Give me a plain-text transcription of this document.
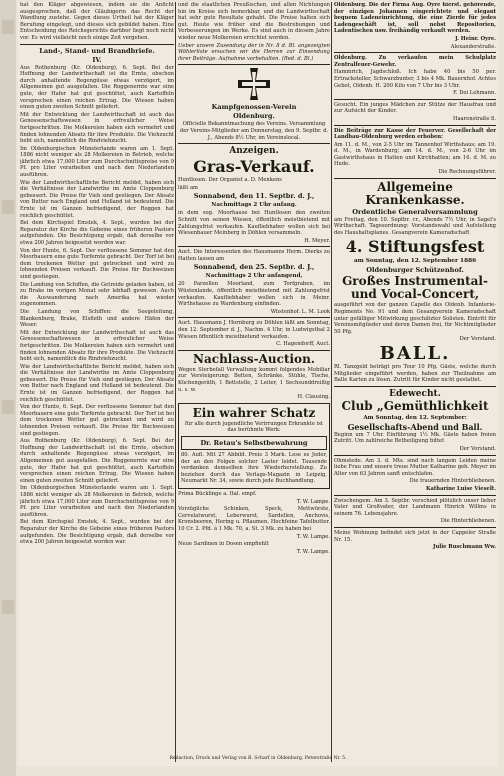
hat den Kläger abgewiesen, indem sie die Anficht ausgesprochen, daß der Gläubigerin das Recht der Wandlung zustehe. Gegen dieses Urtheil hat der Kläger Berufung eingelegt, und dieses sich gebildet haben. Eine Entscheidung des Reichsgerichts darüber liegt noch nicht vor. Es wird vielleicht noch einige Zeit vergehen.

Land-, Stand- und Brandbriefe.
IV.

Aus Rothenburg (Kr. Oldenburg), 6. Sept. Bei der Hoffnung der Landwirthschaft ist die Ernte, obschon durch anhaltende Regengüsse etwas verzögert, im Allgemeinen gut ausgefallen. Die Roggenernte war eine gute, der Hafer hat gut geschüttet, auch Kartoffeln versprechen einen reichen Ertrag. Die Wiesen haben einen guten zweiten Schnitt geliefert.

Mit der Entwicklung der Landwirthschaft ist auch das Genossenschaftswesen in erfreulicher Weise fortgeschritten. Die Molkereien haben sich vermehrt und finden lohnenden Absatz für ihre Produkte. Die Viehzucht hebt sich, namentlich die Rindviehzucht.

Im Oldenburgischen Münsterlande waren am 1. Sept. 1886 nicht weniger als 28 Molkereien in Betrieb, welche jährlich etwa 17,000 Liter zum Durchschnittspreise von 9 Pf. pro Liter verarbeiten und nach den Niederlanden ausführen.

Wie der Landwirthschaftliche Bericht meldet, haben sich die Verhältnisse der Landwirthe im Amte Cloppenburg gebessert. Die Preise für Vieh sind gestiegen. Der Absatz von Butter nach England und Holland ist bedeutend. Die Ernte ist im Ganzen befriedigend, der Roggen hat reichlich geschüttet.

Bei dem Kirchspiel Emstek, 4. Sept., wurden bei der Reparatur der Kirche die Gebeine eines früheren Pastors aufgefunden. Die Besichtigung ergab, daß derselbe vor etwa 200 Jahren beigesetzt worden war.

Von der Hunte, 6. Sept. Der verflossene Sommer hat den Moorbauern eine gute Torfernte gebracht. Der Torf ist bei dem trockenen Wetter gut getrocknet und wird zu lohnenden Preisen verkauft. Die Preise für Buchweizen sind gestiegen.

Die Landung von Schiffen, die Getreide geladen haben, ist zu Brake im vorigen Monat sehr lebhaft gewesen. Auch die Auswanderung nach Amerika hat wieder zugenommen.

Die Landung von Schiffen: die Seegeleitung, Blankenburg, Brake, Elsfleth und andere Häfen der Weser.

Mit der Entwicklung der Landwirthschaft ist auch das Genossenschaftswesen in erfreulicher Weise fortgeschritten. Die Molkereien haben sich vermehrt und finden lohnenden Absatz für ihre Produkte. Die Viehzucht hebt sich, namentlich die Rindviehzucht.

Wie der Landwirthschaftliche Bericht meldet, haben sich die Verhältnisse der Landwirthe im Amte Cloppenburg gebessert. Die Preise für Vieh sind gestiegen. Der Absatz von Butter nach England und Holland ist bedeutend. Die Ernte ist im Ganzen befriedigend, der Roggen hat reichlich geschüttet.

Von der Hunte, 6. Sept. Der verflossene Sommer hat den Moorbauern eine gute Torfernte gebracht. Der Torf ist bei dem trockenen Wetter gut getrocknet und wird zu lohnenden Preisen verkauft. Die Preise für Buchweizen sind gestiegen.

Aus Rothenburg (Kr. Oldenburg), 6. Sept. Bei der Hoffnung der Landwirthschaft ist die Ernte, obschon durch anhaltende Regengüsse etwas verzögert, im Allgemeinen gut ausgefallen. Die Roggenernte war eine gute, der Hafer hat gut geschüttet, auch Kartoffeln versprechen einen reichen Ertrag. Die Wiesen haben einen guten zweiten Schnitt geliefert.

Im Oldenburgischen Münsterlande waren am 1. Sept. 1886 nicht weniger als 28 Molkereien in Betrieb, welche jährlich etwa 17,000 Liter zum Durchschnittspreise von 9 Pf. pro Liter verarbeiten und nach den Niederlanden ausführen.

Bei dem Kirchspiel Emstek, 4. Sept., wurden bei der Reparatur der Kirche die Gebeine eines früheren Pastors aufgefunden. Die Besichtigung ergab, daß derselbe vor etwa 200 Jahren beigesetzt worden war.

und die staatlichen Preußischen, und allen Nichtungen hin im Kreise sich bemerkbar, und die Landwirthschaft hat sehr gute Resultate gehabt. Die Preise halten sich gut. Heute wie früher sind die Bestrebungen und Verbesserungen im Werke. Es sind auch in diesem Jahre wieder neue Molkereien errichtet worden.

Ueber unsere Zusendung der in Nr. 8 d. Bl. angezeigten Wählerliste ersuchen wir die Herren zur Einsendung ihrer Beiträge. Aufnahme vorbehalten. (Red. d. Bl.)

Kampfgenossen-Verein
Oldenburg.

Officielle Bekanntmachung des Vereins. Versammlung der Vereins-Mitglieder am Donnerstag, den 9. Septbr. d. J., Abends 8½ Uhr, im Vereinslocal.

Anzeigen.
Gras-Verkauf.

Huntlosen. Der Organist a. D. Menkens

läßt am

Sonnabend, den 11. Septbr. d. J.,
Nachmittags 2 Uhr anfang.

in dem sog. Moorhause bei Huntlosen den zweiten Schnitt von seinen Wiesen, öffentlich meistbietend mit Zahlungsfrist verkaufen. Kaufliebhaber wollen sich bei Wiesenbauer Meinberg in Döhlen versammeln.

H. Meyer.

Auct. Die Interessenten des Hausmanns Herm. Dierks zu Hatten lassen am

Sonnabend, den 25. Septbr. d. J.,
Nachmittags 2 Uhr anfangend,

20 Parzellen Moorland, zum Torfgraben, im Wüstenlande, öffentlich meistbietend mit Zahlungsfrist verkaufen. Kaufliebhaber wollen sich in Meinr. Wirthshause zu Wardenburg einfinden.

Wüstenhof. L. M. Look

Auct. Hausmann J. Hornburg zu Döhlen läßt am Sonntag, den 12. September d. J., Nachm. 4 Uhr, in Ludwigsthal 2 Wiesen öffentlich meistbietend verkaufen.

C. Hagendorff, Auct.

Nachlass-Auction.

Wegen Sterbefall Verwaltung kommt folgendes Mobiliar zur Versteigerung: Betten, Schränke, Stühle, Tische, Küchengeräth, 1 Bettstelle, 2 Leiter, 1 Sechsunddreißig u. s. w.

H. Clausing.

Ein wahrer Schatz

für alle durch jugendliche Verirrungen Erkrankte ist das berühmte Werk:

Dr. Retau's Selbstbewahrung

80. Aufl. Mit 27 Abbild. Preis 3 Mark. Lese es Jeder, der an den Folgen solcher Laster leidet. Tausende verdanken demselben ihre Wiederherstellung. Zu beziehen durch das Verlags-Magazin in Leipzig, Neumarkt Nr. 34, sowie durch jede Buchhandlung.

Prima Bücklinge a. Ital. empf.

T. W. Lampe.

Vorzügliche Schinken, Speck, Mettwürste, Cervelatwurst, Leberwurst, Sardellen, Anchovis, Kronsbeeren, Hering u. Pflaumen. Hochfeine Tafelbutter. 10 Cr. 2. Pfd. à 1 Mk. 70, a. St. 3 Mk. zu haben bei

T. W. Lampe.

Neue Sardinen in Dosen empfiehlt

T. W. Lampe.

Oldenburg. Die der Firma Aug. Oyre hierst. gehörende, der einzigen Johannen eingerichtete und elegant bequem Ladeneinrichtung, die eine Zierde für jedes Ladengeschäft ist, soll nebst Repositorien, Ladentischen usw. freihändig verkauft werden.

J. Heinr. Oyre.

Alexanderstraße.

Oldenburg. Zu verkaufen mein Schulplatz Zentralfeuer-Gewehr.

Hammrich, Jagdschloß. Ich habe 40 bis 50 per. Ertracksteller, Schwarzbunter, 3 bis 4 Mk. Bauernhof. Achtes Gebot, Oldenb. H. 200 Kilo von 7 Uhr bis 3 Uhr.

F. Doi Lehmann.

Gesucht. Ein junges Mädchen zur Stütze der Hausfrau und zur Aufsicht der Kinder.

Haarenstraße 8.

Die Beiträge zur Kasse der Feuerver. Gesellschaft der Landbau-Oldenburg werden erhoben:

Am 11. d. M., von 2-5 Uhr im Tannenhof Wirthshaus; am 19. d. M., in Wardenburg; am 14. d. M., von 2-6 Uhr im Gastwirthshaus in Hatten und Kirchhatten; am 16. d. M. zu Hude.

Die Rechnungsführer.

Allgemeine Krankenkasse.
Ordentliche Generalversammlung

am Freitag, den 10. Septbr. cr., Abends 7½ Uhr, in Sagel's Wirthschaft. Tagesordnung: Vorstandswahl und Aufstellung des Haushaltsplanes. Gesangverein Kameradschaft

4. Stiftungsfest
am Sonntag, den 12. September 1886
Oldenburger Schützenhof.
Großes Instrumental- und Vocal-Concert,

ausgeführt von der ganzen Capelle des Oldenb. Infanterie-Regiments No. 91 und dem Gesangverein Kameradschaft unter gefälliger Mitwirkung geschätzter Solisten. Eintritt für Vereinsmitglieder und deren Damen frei, für Nichtmitglieder 50 Pfg.

Der Vorstand.

BALL.

Rl. Tanzgeld beträgt pro Tour 10 Pfg. Gäste, welche durch Mitglieder eingeführt werden, haben zur Theilnahme am Balle Karten zu lösen. Zutritt für Kinder nicht gestattet.

Edewecht.
Club „Gemüthlichkeit
Am Sonntag, den 12. September:
Gesellschafts-Abend und Ball.

Beginn um 7 Uhr. Einführung 1½ Mk. Gäste haben freien Zutritt. Um zahlreiche Betheiligung bittet

Der Vorstand.

Ohmstede. Am 3. d. Mts. sind nach langem Leiden meine liebe Frau und unsere treue Mutter Katharine geb. Meyer im Alter von 63 Jahren sanft entschlafen.

Die trauernden Hinterbliebenen.

Katharine Luise Vieselt.

Zwischengem. Am 3. Septbr. verschied plötzlich unser lieber Vater und Großvater, der Landmann Hinrich Willms in seinem 76. Lebensjahre.

Die Hinterbliebenen.

Meine Wohnung befindet sich jetzt in der Cappeler Straße Nr. 15.

Julie Ruschmann Ww.

Redaction, Druck und Verlag von B. Scharf in Oldenburg, Peterstraße Nr. 5.
